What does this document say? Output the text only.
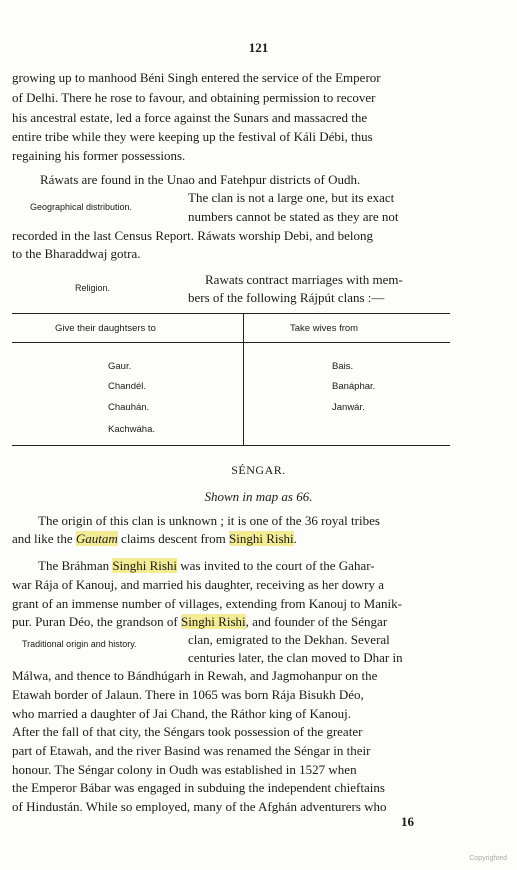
121
growing up to manhood Béni Singh entered the service of the Emperor
of Delhi. There he rose to favour, and obtaining permission to recover
his ancestral estate, led a force against the Sunars and massacred the
entire tribe while they were keeping up the festival of Káli Débi, thus
regaining his former possessions.
Ráwats are found in the Unao and Fatehpur districts of Oudh.
Geographical distribution.
The clan is not a large one, but its exact
numbers cannot be stated as they are not
recorded in the last Census Report. Ráwats worship Debi, and belong
to the Bharaddwaj gotra.
Religion.
Rawats contract marriages with mem-
bers of the following Rájpút clans :—
Give their daughtsers to	Take wives from
Gaur.
Chandél.
Chauhán.
Kachwáha.
Bais.
Banáphar.
Janwár.
SÉNGAR.
Shown in map as 66.
The origin of this clan is unknown ; it is one of the 36 royal tribes
and like the Gautam claims descent from Singhi Rishi.
The Bráhman Singhi Rishi was invited to the court of the Gahar-
war Rája of Kanouj, and married his daughter, receiving as her dowry a
grant of an immense number of villages, extending from Kanouj to Manik-
pur. Puran Déo, the grandson of Singhi Rishi, and founder of the Séngar
Traditional origin and history.	clan, emigrated to the Dekhan. Several
centuries later, the clan moved to Dhar in
Málwa, and thence to Bándhúgarh in Rewah, and Jagmohanpur on the
Etawah border of Jalaun. There in 1065 was born Rája Bisukh Déo,
who married a daughter of Jai Chand, the Ráthor king of Kanouj.
After the fall of that city, the Séngars took possession of the greater
part of Etawah, and the river Basind was renamed the Séngar in their
honour. The Séngar colony in Oudh was established in 1527 when
the Emperor Bábar was engaged in subduing the independent chieftains
of Hindustán. While so employed, many of the Afghán adventurers who
16
Copyrighted
